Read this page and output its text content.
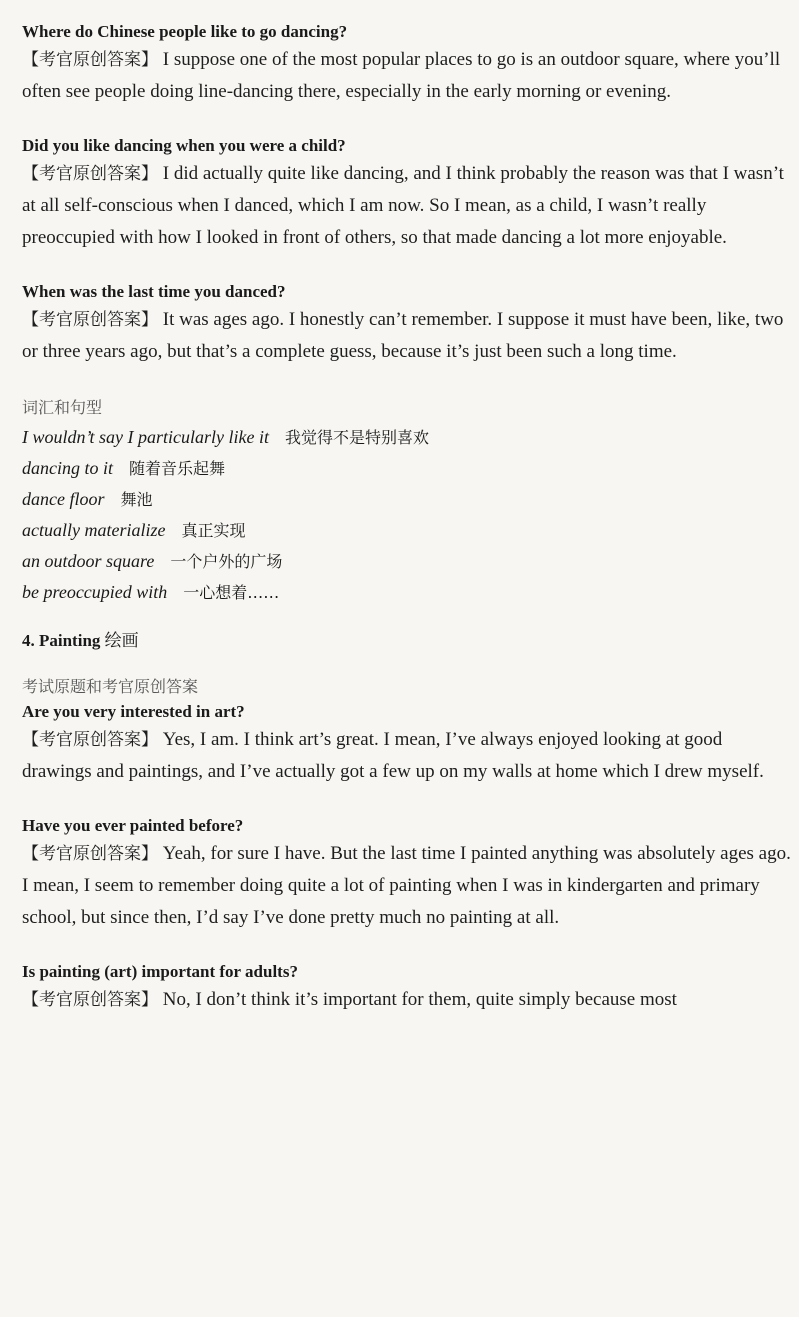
Where do Chinese people like to go dancing?

【考官原创答案】 I suppose one of the most popular places to go is an outdoor square, where you’ll often see people doing line-dancing there, especially in the early morning or evening.

Did you like dancing when you were a child?

【考官原创答案】 I did actually quite like dancing, and I think probably the reason was that I wasn’t at all self-conscious when I danced, which I am now. So I mean, as a child, I wasn’t really preoccupied with how I looked in front of others, so that made dancing a lot more enjoyable.

When was the last time you danced?

【考官原创答案】 It was ages ago. I honestly can’t remember. I suppose it must have been, like, two or three years ago, but that’s a complete guess, because it’s just been such a long time.

词汇和句型

I wouldn’t say I particularly like it 我觉得不是特别喜欢
dancing to it 随着音乐起舞
dance floor 舞池
actually materialize 真正实现
an outdoor square 一个户外的广场
be preoccupied with 一心想着……

4. Painting 绘画

考试原题和考官原创答案

Are you very interested in art?

【考官原创答案】 Yes, I am. I think art’s great. I mean, I’ve always enjoyed looking at good drawings and paintings, and I’ve actually got a few up on my walls at home which I drew myself.

Have you ever painted before?

【考官原创答案】 Yeah, for sure I have. But the last time I painted anything was absolutely ages ago. I mean, I seem to remember doing quite a lot of painting when I was in kindergarten and primary school, but since then, I’d say I’ve done pretty much no painting at all.

Is painting (art) important for adults?

【考官原创答案】 No, I don’t think it’s important for them, quite simply because most
